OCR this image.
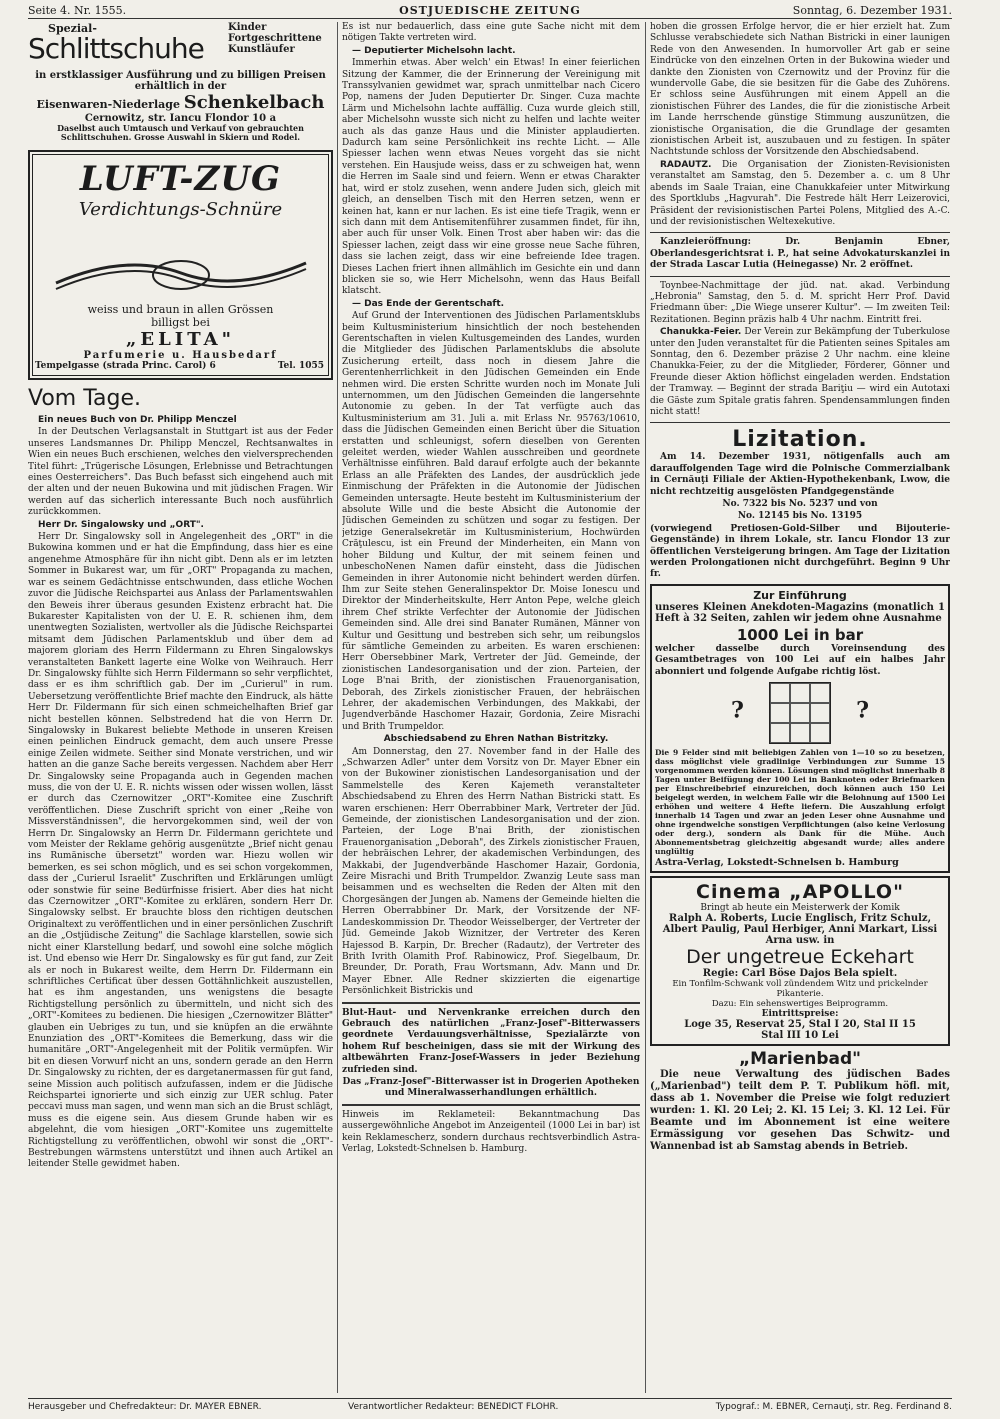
Seite 4. Nr. 1555.	OSTJUEDISCHE ZEITUNG	Sonntag, 6. Dezember 1931.
Spezial-
Schlittschuhe
Kinder
Fortgeschrittene
Kunstläufer
in erstklassiger Ausführung und zu billigen Preisen
erhältlich in der
Eisenwaren-Niederlage Schenkelbach
Cernowitz, str. Iancu Flondor 10 a
Daselbst auch Umtausch und Verkauf von gebrauchten Schlittschuhen. Grosse Auswahl in Skiern und Rodel.
LUFT-ZUG
Verdichtungs-Schnüre
weiss und braun in allen Grössen
billigst bei
„ELITA"
Parfumerie u. Hausbedarf
Tempelgasse (strada Princ. Carol) 6	Tel. 1055
Vom Tage.

Ein neues Buch von Dr. Philipp Menczel

In der Deutschen Verlagsanstalt in Stuttgart ist aus der Feder unseres Landsmannes Dr. Philipp Menczel, Rechtsanwaltes in Wien ein neues Buch erschienen, welches den vielversprechenden Titel führt: „Trügerische Lösungen, Erlebnisse und Betrachtungen eines Oesterreichers". Das Buch befasst sich eingehend auch mit der alten und der neuen Bukowina und mit jüdischen Fragen. Wir werden auf das sicherlich interessante Buch noch ausführlich zurückkommen.

Herr Dr. Singalowsky und „ORT".

Herr Dr. Singalowsky soll in Angelegenheit des „ORT" in die Bukowina kommen und er hat die Empfindung, dass hier es eine angenehme Atmosphäre für ihn nicht gibt. Denn als er im letzten Sommer in Bukarest war, um für „ORT" Propaganda zu machen, war es seinem Gedächtnisse entschwunden, dass etliche Wochen zuvor die Jüdische Reichspartei aus Anlass der Parlamentswahlen den Beweis ihrer überaus gesunden Existenz erbracht hat. Die Bukarester Kapitalisten von der U. E. R. schienen ihm, dem unentwegten Sozialisten, wertvoller als die Jüdische Reichspartei mitsamt dem Jüdischen Parlamentsklub und über dem ad majorem gloriam des Herrn Fildermann zu Ehren Singalowskys veranstalteten Bankett lagerte eine Wolke von Weihrauch. Herr Dr. Singalowsky fühlte sich Herrn Fildermann so sehr verpflichtet, dass er es ihm schriftlich gab. Der im „Curierul" in rum. Uebersetzung veröffentlichte Brief machte den Eindruck, als hätte Herr Dr. Fildermann für sich einen schmeichelhaften Brief gar nicht bestellen können. Selbstredend hat die von Herrn Dr. Singalowsky in Bukarest beliebte Methode in unseren Kreisen einen peinlichen Eindruck gemacht, dem auch unsere Presse einige Zeilen widmete. Seither sind Monate verstrichen, und wir hatten an die ganze Sache bereits vergessen. Nachdem aber Herr Dr. Singalowsky seine Propaganda auch in Gegenden machen muss, die von der U. E. R. nichts wissen oder wissen wollen, lässt er durch das Czernowitzer „ORT"-Komitee eine Zuschrift veröffentlichen. Diese Zuschrift spricht von einer „Reihe von Missverständnissen", die hervorgekommen sind, weil der von Herrn Dr. Singalowsky an Herrn Dr. Fildermann gerichtete und vom Meister der Reklame gehörig ausgenützte „Brief nicht genau ins Rumänische übersetzt" worden war. Hiezu wollen wir bemerken, es sei schon möglich, und es sei schon vorgekommen, dass der „Curierul Israelit" Zuschriften und Erklärungen umlügt oder sonstwie für seine Bedürfnisse frisiert. Aber dies hat nicht das Czernowitzer „ORT"-Komitee zu erklären, sondern Herr Dr. Singalowsky selbst. Er brauchte bloss den richtigen deutschen Originaltext zu veröffentlichen und in einer persönlichen Zuschrift an die „Ostjüdische Zeitung" die Sachlage klarstellen, sowie sich nicht einer Klarstellung bedarf, und sowohl eine solche möglich ist. Und ebenso wie Herr Dr. Singalowsky es für gut fand, zur Zeit als er noch in Bukarest weilte, dem Herrn Dr. Fildermann ein schriftliches Certificat über dessen Gottähnlichkeit auszustellen, hat es ihm angestanden, uns wenigstens die besagte Richtigstellung persönlich zu übermitteln, und nicht sich des „ORT"-Komitees zu bedienen. Die hiesigen „Czernowitzer Blätter" glauben ein Uebriges zu tun, und sie knüpfen an die erwähnte Enunziation des „ORT"-Komitees die Bemerkung, dass wir die humanitäre „ORT"-Angelegenheit mit der Politik vermüpfen. Wir bit en diesen Vorwurf nicht an uns, sondern gerade an den Herrn Dr. Singalowsky zu richten, der es dargetanermassen für gut fand, seine Mission auch politisch aufzufassen, indem er die Jüdische Reichspartei ignorierte und sich einzig zur UER schlug. Pater peccavi muss man sagen, und wenn man sich an die Brust schlägt, muss es die eigene sein. Aus diesem Grunde haben wir es abgelehnt, die vom hiesigen „ORT"-Komitee uns zugemittelte Richtigstellung zu veröffentlichen, obwohl wir sonst die „ORT"-Bestrebungen wärmstens unterstützt und ihnen auch Artikel an leitender Stelle gewidmet haben.

Es ist nur bedauerlich, dass eine gute Sache nicht mit dem nötigen Takte vertreten wird.

— Deputierter Michelsohn lacht.

Immerhin etwas. Aber welch' ein Etwas! In einer feierlichen Sitzung der Kammer, die der Erinnerung der Vereinigung mit Transsylvanien gewidmet war, sprach unmittelbar nach Cicero Pop, namens der Juden Deputierter Dr. Singer. Cuza machte Lärm und Michelsohn lachte auffällig. Cuza wurde gleich still, aber Michelsohn wusste sich nicht zu helfen und lachte weiter auch als das ganze Haus und die Minister applaudierten. Dadurch kam seine Persönlichkeit ins rechte Licht. — Alle Spiesser lachen wenn etwas Neues vorgeht das sie nicht verstehen. Ein Hausjude weiss, dass er zu schweigen hat, wenn die Herren im Saale sind und feiern. Wenn er etwas Charakter hat, wird er stolz zusehen, wenn andere Juden sich, gleich mit gleich, an denselben Tisch mit den Herren setzen, wenn er keinen hat, kann er nur lachen. Es ist eine tiefe Tragik, wenn er sich dann mit dem Antisemitenführer zusammen findet, für ihn, aber auch für unser Volk. Einen Trost aber haben wir: das die Spiesser lachen, zeigt dass wir eine grosse neue Sache führen, dass sie lachen zeigt, dass wir eine befreiende Idee tragen. Dieses Lachen friert ihnen allmählich im Gesichte ein und dann blicken sie so, wie Herr Michelsohn, wenn das Haus Beifall klatscht.

— Das Ende der Gerentschaft.

Auf Grund der Interventionen des Jüdischen Parlamentsklubs beim Kultusministerium hinsichtlich der noch bestehenden Gerentschaften in vielen Kultusgemeinden des Landes, wurden die Mitglieder des Jüdischen Parlamentsklubs die absolute Zusicherung erteilt, dass noch in diesem Jahre die Gerentenherrlichkeit in den Jüdischen Gemeinden ein Ende nehmen wird. Die ersten Schritte wurden noch im Monate Juli unternommen, um den Jüdischen Gemeinden die langersehnte Autonomie zu geben. In der Tat verfügte auch das Kultusministerium am 31. Juli a. mit Erlass Nr. 95763/10610, dass die Jüdischen Gemeinden einen Bericht über die Situation erstatten und schleunigst, sofern dieselben von Gerenten geleitet werden, wieder Wahlen ausschreiben und geordnete Verhältnisse einführen. Bald darauf erfolgte auch der bekannte Erlass an alle Präfekten des Landes, der ausdrücklich jede Einmischung der Präfekten in die Autonomie der Jüdischen Gemeinden untersagte. Heute besteht im Kultusministerium der absolute Wille und die beste Absicht die Autonomie der Jüdischen Gemeinden zu schützen und sogar zu festigen. Der jetzige Generalsekretär im Kultusministerium, Hochwürden Crăţulescu, ist ein Freund der Minderheiten, ein Mann von hoher Bildung und Kultur, der mit seinem feinen und unbeschoNenen Namen dafür einsteht, dass die Jüdischen Gemeinden in ihrer Autonomie nicht behindert werden dürfen. Ihm zur Seite stehen Generalinspektor Dr. Moise Ionescu und Direktor der Minderheitskulte, Herr Anton Pepe, welche gleich ihrem Chef strikte Verfechter der Autonomie der Jüdischen Gemeinden sind. Alle drei sind Banater Rumänen, Männer von Kultur und Gesittung und bestreben sich sehr, um reibungslos für sämtliche Gemeinden zu arbeiten. Es waren erschienen: Herr Obersebbiner Mark, Vertreter der Jüd. Gemeinde, der zionistischen Landesorganisation und der zion. Parteien, der Loge B'nai Brith, der zionistischen Frauenorganisation, Deborah, des Zirkels zionistischer Frauen, der hebräischen Lehrer, der akademischen Verbindungen, des Makkabi, der Jugendverbände Haschomer Hazair, Gordonia, Zeire Misrachi und Brith Trumpeldor.

Abschiedsabend zu Ehren Nathan Bistritzky.

Am Donnerstag, den 27. November fand in der Halle des „Schwarzen Adler" unter dem Vorsitz von Dr. Mayer Ebner ein von der Bukowiner zionistischen Landesorganisation und der Sammelstelle des Keren Kajemeth veranstalteter Abschiedsabend zu Ehren des Herrn Nathan Bistricki statt. Es waren erschienen: Herr Oberrabbiner Mark, Vertreter der Jüd. Gemeinde, der zionistischen Landesorganisation und der zion. Parteien, der Loge B'nai Brith, der zionistischen Frauenorganisation „Deborah", des Zirkels zionistischer Frauen, der hebräischen Lehrer, der akademischen Verbindungen, des Makkabi, der Jugendverbände Haschomer Hazair, Gordonia, Zeire Misrachi und Brith Trumpeldor. Zwanzig Leute sass man beisammen und es wechselten die Reden der Alten mit den Chorgesängen der Jungen ab. Namens der Gemeinde hielten die Herren Oberrabbiner Dr. Mark, der Vorsitzende der NF-Landeskommission Dr. Theodor Weisselberger, der Vertreter der Jüd. Gemeinde Jakob Wiznitzer, der Vertreter des Keren Hajessod B. Karpin, Dr. Brecher (Radautz), der Vertreter des Brith Ivrith Olamith Prof. Rabinowicz, Prof. Siegelbaum, Dr. Breunder, Dr. Porath, Frau Wortsmann, Adv. Mann und Dr. Mayer Ebner. Alle Redner skizzierten die eigenartige Persönlichkeit Bistrickis und

Blut-Haut- und Nervenkranke erreichen durch den Gebrauch des natürlichen „Franz-Josef"-Bitterwassers geordnete Verdauungsverhältnisse, Spezialärzte von hohem Ruf bescheinigen, dass sie mit der Wirkung des altbewährten Franz-Josef-Wassers in jeder Beziehung zufrieden sind.

Das „Franz-Josef"-Bitterwasser ist in Drogerien Apotheken und Mineralwasserhandlungen erhältlich.

Hinweis im Reklameteil: Bekanntmachung Das aussergewöhnliche Angebot im Anzeigenteil (1000 Lei in bar) ist kein Reklamescherz, sondern durchaus rechtsverbindlich Astra-Verlag, Lokstedt-Schnelsen b. Hamburg.

hoben die grossen Erfolge hervor, die er hier erzielt hat. Zum Schlusse verabschiedete sich Nathan Bistricki in einer launigen Rede von den Anwesenden. In humorvoller Art gab er seine Eindrücke von den einzelnen Orten in der Bukowina wieder und dankte den Zionisten von Czernowitz und der Provinz für die wundervolle Gabe, die sie besitzen für die Gabe des Zuhörens. Er schloss seine Ausführungen mit einem Appell an die zionistischen Führer des Landes, die für die zionistische Arbeit im Lande herrschende günstige Stimmung auszunützen, die zionistische Organisation, die die Grundlage der gesamten zionistischen Arbeit ist, auszubauen und zu festigen. In später Nachtstunde schloss der Vorsitzende den Abschiedsabend.

RADAUTZ. Die Organisation der Zionisten-Revisionisten veranstaltet am Samstag, den 5. Dezember a. c. um 8 Uhr abends im Saale Traian, eine Chanukkafeier unter Mitwirkung des Sportklubs „Hagvurah". Die Festrede hält Herr Leizerovici, Präsident der revisionistischen Partei Polens, Mitglied des A.-C. und der revisionistischen Weltexekutive.

Kanzleieröffnung: Dr. Benjamin Ebner, Oberlandesgerichtsrat i. P., hat seine Advokaturskanzlei in der Strada Lascar Lutia (Heinegasse) Nr. 2 eröffnet.

Toynbee-Nachmittage der jüd. nat. akad. Verbindung „Hebronia" Samstag, den 5. d. M. spricht Herr Prof. David Friedmann über: „Die Wiege unserer Kultur". — Im zweiten Teil: Rezitationen. Beginn präzis halb 4 Uhr nachm. Eintritt frei.

Chanukka-Feier. Der Verein zur Bekämpfung der Tuberkulose unter den Juden veranstaltet für die Patienten seines Spitales am Sonntag, den 6. Dezember präzise 2 Uhr nachm. eine kleine Chanukka-Feier, zu der die Mitglieder, Förderer, Gönner und Freunde dieser Aktion höflichst eingeladen werden. Endstation der Tramway. — Beginnt der strada Bariţiu — wird ein Autotaxi die Gäste zum Spitale gratis fahren. Spendensammlungen finden nicht statt!

Lizitation.

Am 14. Dezember 1931, nötigenfalls auch am darauffolgenden Tage wird die Polnische Commerzialbank in Cernăuţi Filiale der Aktien-Hypothekenbank, Lwow, die nicht rechtzeitig ausgelösten Pfandgegenstände

No. 7322 bis No. 5237 und von

No. 12145 bis No. 13195

(vorwiegend Pretiosen-Gold-Silber und Bijouterie-Gegenstände) in ihrem Lokale, str. Iancu Flondor 13 zur öffentlichen Versteigerung bringen. Am Tage der Lizitation werden Prolongationen nicht durchgeführt. Beginn 9 Uhr fr.

Zur Einführung

unseres Kleinen Anekdoten-Magazins (monatlich 1 Heft à 32 Seiten, zahlen wir jedem ohne Ausnahme

1000 Lei in bar

welcher dasselbe durch Voreinsendung des Gesamtbetrages von 100 Lei auf ein halbes Jahr abonniert und folgende Aufgabe richtig löst.

?	?

Die 9 Felder sind mit beliebigen Zahlen von 1—10 so zu besetzen, dass möglichst viele gradlinige Verbindungen zur Summe 15 vorgenommen werden können. Lösungen sind möglichst innerhalb 8 Tagen unter Beifügung der 100 Lei in Banknoten oder Briefmarken per Einschreibebrief einzureichen, doch können auch 150 Lei beigelegt werden, in welchem Falle wir die Belohnung auf 1500 Lei erhöhen und weitere 4 Hefte liefern. Die Auszahlung erfolgt innerhalb 14 Tagen und zwar an jeden Leser ohne Ausnahme und ohne irgendwelche sonstigen Verpflichtungen (also keine Verlosung oder derg.), sondern als Dank für die Mühe. Auch Abonnementsbetrag gleichzeitig abgesandt wurde; alles andere unglültig

Astra-Verlag, Lokstedt-Schnelsen b. Hamburg
Cinema „APOLLO"
Bringt ab heute ein Meisterwerk der Komik
Ralph A. Roberts, Lucie Englisch, Fritz Schulz, Albert Paulig, Paul Herbiger, Anni Markart, Lissi Arna usw. in
Der ungetreue Eckehart
Regie: Carl Böse Dajos Bela spielt.
Ein Tonfilm-Schwank voll zündendem Witz und prickelnder Pikanterie.
Dazu: Ein sehenswertiges Beiprogramm.
Eintrittspreise:
Loge 35, Reservat 25, Stal I 20, Stal II 15
Stal III 10 Lei
„Marienbad"

Die neue Verwaltung des jüdischen Bades („Marienbad") teilt dem P. T. Publikum höfl. mit, dass ab 1. November die Preise wie folgt reduziert wurden: 1. Kl. 20 Lei; 2. Kl. 15 Lei; 3. Kl. 12 Lei. Für Beamte und im Abonnement ist eine weitere Ermässigung vor gesehen Das Schwitz- und Wannenbad ist ab Samstag abends in Betrieb.

Herausgeber und Chefredakteur: Dr. MAYER EBNER.	Verantwortlicher Redakteur: BENEDICT FLOHR.	Typograf.: M. EBNER, Cernauţi, str. Reg. Ferdinand 8.
